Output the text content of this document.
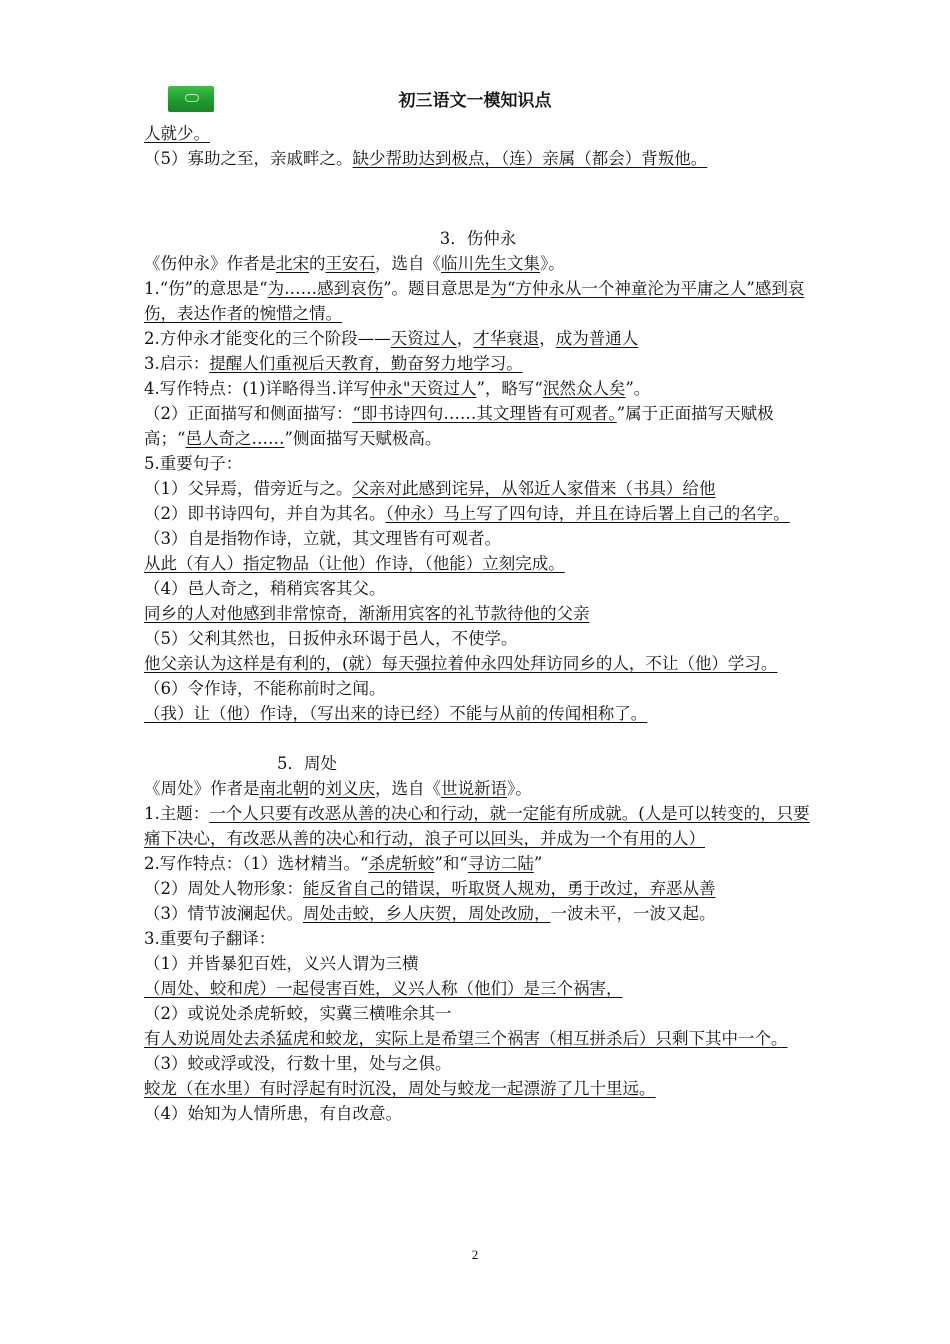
初三语文一模知识点
人就少。
（5）寡助之至，亲戚畔之。缺少帮助达到极点，（连）亲属（都会）背叛他。
3．伤仲永
《伤仲永》作者是北宋的王安石，选自《临川先生文集》。
1.“伤”的意思是“为……感到哀伤”。题目意思是为“方仲永从一个神童沦为平庸之人”感到哀伤，表达作者的惋惜之情。
2.方仲永才能变化的三个阶段——天资过人，才华衰退，成为普通人
3.启示：提醒人们重视后天教育，勤奋努力地学习。
4.写作特点：(1)详略得当.详写仲永"天资过人”，略写“泯然众人矣”。
（2）正面描写和侧面描写：“即书诗四句……其文理皆有可观者。”属于正面描写天赋极高；“邑人奇之……”侧面描写天赋极高。
5.重要句子：
（1）父异焉，借旁近与之。父亲对此感到诧异，从邻近人家借来（书具）给他
（2）即书诗四句，并自为其名。（仲永）马上写了四句诗，并且在诗后署上自己的名字。
（3）自是指物作诗，立就，其文理皆有可观者。
从此（有人）指定物品（让他）作诗，（他能）立刻完成。
（4）邑人奇之，稍稍宾客其父。
同乡的人对他感到非常惊奇，渐渐用宾客的礼节款待他的父亲
（5）父利其然也，日扳仲永环谒于邑人，不使学。
他父亲认为这样是有利的，(就）每天强拉着仲永四处拜访同乡的人，不让（他）学习。
（6）令作诗，不能称前时之闻。
（我）让（他）作诗，（写出来的诗已经）不能与从前的传闻相称了。
5．周处
《周处》作者是南北朝的刘义庆，选自《世说新语》。
1.主题：一个人只要有改恶从善的决心和行动，就一定能有所成就。(人是可以转变的，只要痛下决心，有改恶从善的决心和行动，浪子可以回头，并成为一个有用的人）
2.写作特点：（1）选材精当。“杀虎斩蛟”和“寻访二陆”
（2）周处人物形象：能反省自己的错误，听取贤人规劝，勇于改过，弃恶从善
（3）情节波澜起伏。周处击蛟，乡人庆贺，周处改励，一波未平，一波又起。
3.重要句子翻译：
（1）并皆暴犯百姓，义兴人谓为三横
（周处、蛟和虎）一起侵害百姓，义兴人称（他们）是三个祸害，
（2）或说处杀虎斩蛟，实冀三横唯余其一
有人劝说周处去杀猛虎和蛟龙，实际上是希望三个祸害（相互拼杀后）只剩下其中一个。
（3）蛟或浮或没，行数十里，处与之俱。
蛟龙（在水里）有时浮起有时沉没，周处与蛟龙一起漂游了几十里远。
（4）始知为人情所患，有自改意。
2
